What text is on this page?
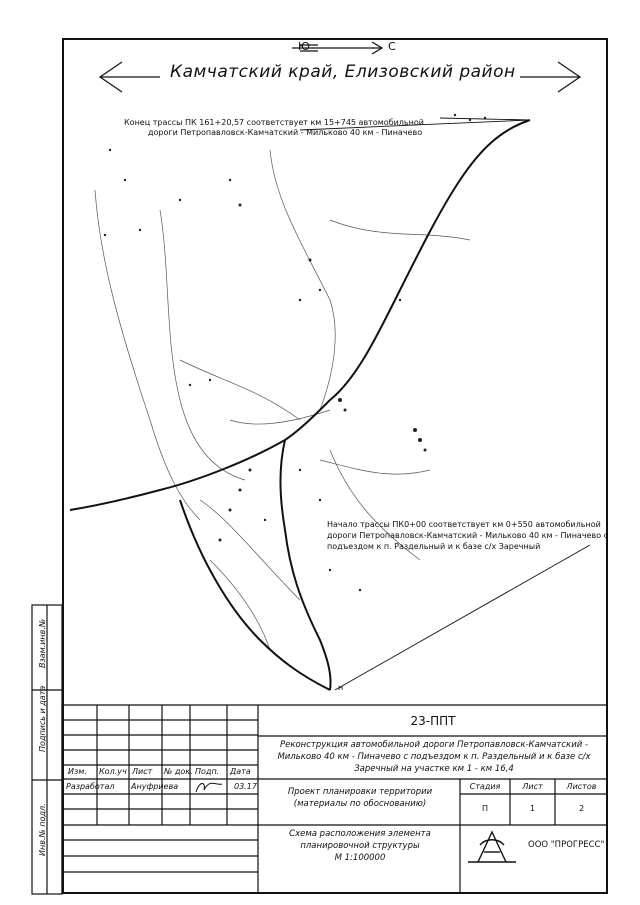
Камчатский край, Елизовский район
Ю	С
Конец трассы ПК 161+20,57 соответствует км 15+745 автомобильной
дороги Петропавловск-Камчатский - Мильково 40 км - Пиначево
Начало трассы ПК0+00 соответствует км 0+550 автомобильной
дороги Петропавловск-Камчатский - Мильково 40 км - Пиначево с
подъездом к п. Раздельный и к базе с/х Заречный
н
Взам.инв.№
Подпись и дата
Инв.№ подл.
23-ППТ
Реконструкция автомобильной дороги Петропавловск-Камчатский -
Мильково 40 км - Пиначево с подъездом к п. Раздельный и к базе с/х
Заречный на участке км 1 - км 16,4
Изм. Кол.уч Лист № док. Подп. Дата
Разработал Ануфриева	03.17
Проект планировки территории
(материалы по обоснованию)
Стадия	Лист	Листов
П	1	2
Схема расположения элемента
планировочной структуры
М 1:100000
ООО "ПРОГРЕСС"
